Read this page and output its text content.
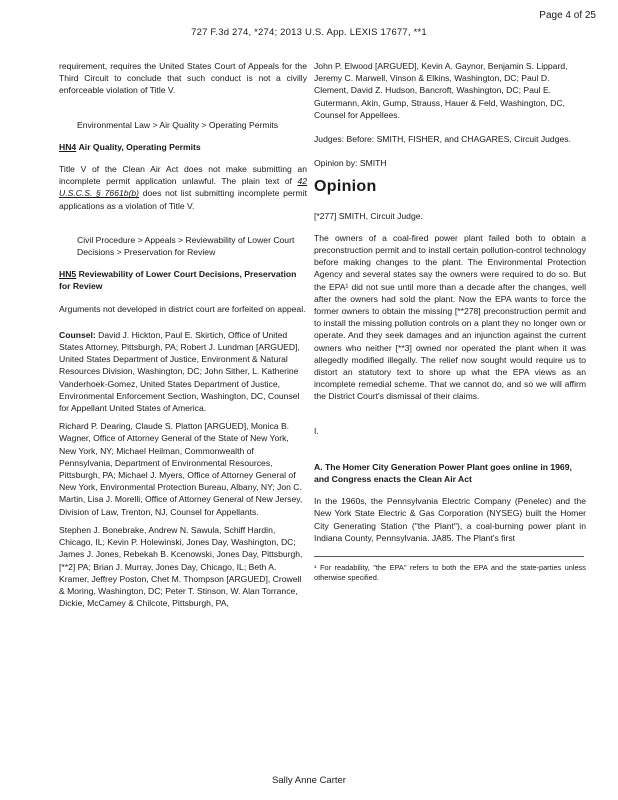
Page 4 of 25
727 F.3d 274, *274; 2013 U.S. App. LEXIS 17677, **1

requirement, requires the United States Court of Appeals for the Third Circuit to conclude that such conduct is not a civilly enforceable violation of Title V.

Environmental Law > Air Quality > Operating Permits

HN4 Air Quality, Operating Permits

Title V of the Clean Air Act does not make submitting an incomplete permit application unlawful. The plain text of 42 U.S.C.S. § 7661b(b) does not list submitting incomplete permit applications as a violation of Title V.

Civil Procedure > Appeals > Reviewability of Lower Court Decisions > Preservation for Review

HN5 Reviewability of Lower Court Decisions, Preservation for Review

Arguments not developed in district court are forfeited on appeal.

Counsel: David J. Hickton, Paul E. Skirtich, Office of United States Attorney, Pittsburgh, PA; Robert J. Lundman [ARGUED], United States Department of Justice, Environment & Natural Resources Division, Washington, DC; John Sither, L. Katherine Vanderhoek-Gomez, United States Department of Justice, Environmental Enforcement Section, Washington, DC, Counsel for Appellant United States of America.

Richard P. Dearing, Claude S. Platton [ARGUED], Monica B. Wagner, Office of Attorney General of the State of New York, New York, NY; Michael Heilman, Commonwealth of Pennsylvania, Department of Environmental Resources, Pittsburgh, PA; Michael J. Myers, Office of Attorney General of New York, Environmental Protection Bureau, Albany, NY; Jon C. Martin, Lisa J. Morelli, Office of Attorney General of New Jersey, Division of Law, Trenton, NJ, Counsel for Appellants.

Stephen J. Bonebrake, Andrew N. Sawula, Schiff Hardin, Chicago, IL; Kevin P. Holewinski, Jones Day, Washington, DC; James J. Jones, Rebekah B. Kcenowski, Jones Day, Pittsburgh, [**2] PA; Brian J. Murray, Jones Day, Chicago, IL; Beth A. Kramer, Jeffrey Poston, Chet M. Thompson [ARGUED], Crowell & Moring, Washington, DC; Peter T. Stinson, W. Alan Torrance, Dickie, McCamey & Chilcote, Pittsburgh, PA,

John P. Elwood [ARGUED], Kevin A. Gaynor, Benjamin S. Lippard, Jeremy C. Marwell, Vinson & Elkins, Washington, DC; Paul D. Clement, David Z. Hudson, Bancroft, Washington, DC; Paul E. Gutermann, Akin, Gump, Strauss, Hauer & Feld, Washington, DC, Counsel for Appellees.

Judges: Before: SMITH, FISHER, and CHAGARES, Circuit Judges.

Opinion by: SMITH

Opinion

[*277] SMITH, Circuit Judge.

The owners of a coal-fired power plant failed both to obtain a preconstruction permit and to install certain pollution-control technology before making changes to the plant. The Environmental Protection Agency and several states say the owners were required to do so. But the EPA¹ did not sue until more than a decade after the changes, well after the owners had sold the plant. Now the EPA wants to force the former owners to obtain the missing [**278] preconstruction permit and to install the missing pollution controls on a plant they no longer own or operate. And they seek damages and an injunction against the current owners who neither [**3] owned nor operated the plant when it was allegedly modified illegally. The relief now sought would require us to distort an statutory text to shore up what the EPA views as an incomplete remedial scheme. That we cannot do, and so we will affirm the District Court's dismissal of their claims.

I.

A. The Homer City Generation Power Plant goes online in 1969, and Congress enacts the Clean Air Act

In the 1960s, the Pennsylvania Electric Company (Penelec) and the New York State Electric & Gas Corporation (NYSEG) built the Homer City Generating Station ("the Plant"), a coal-burning power plant in Indiana County, Pennsylvania. JA85. The Plant's first

¹ For readability, "the EPA" refers to both the EPA and the state-parties unless otherwise specified.

Sally Anne Carter
